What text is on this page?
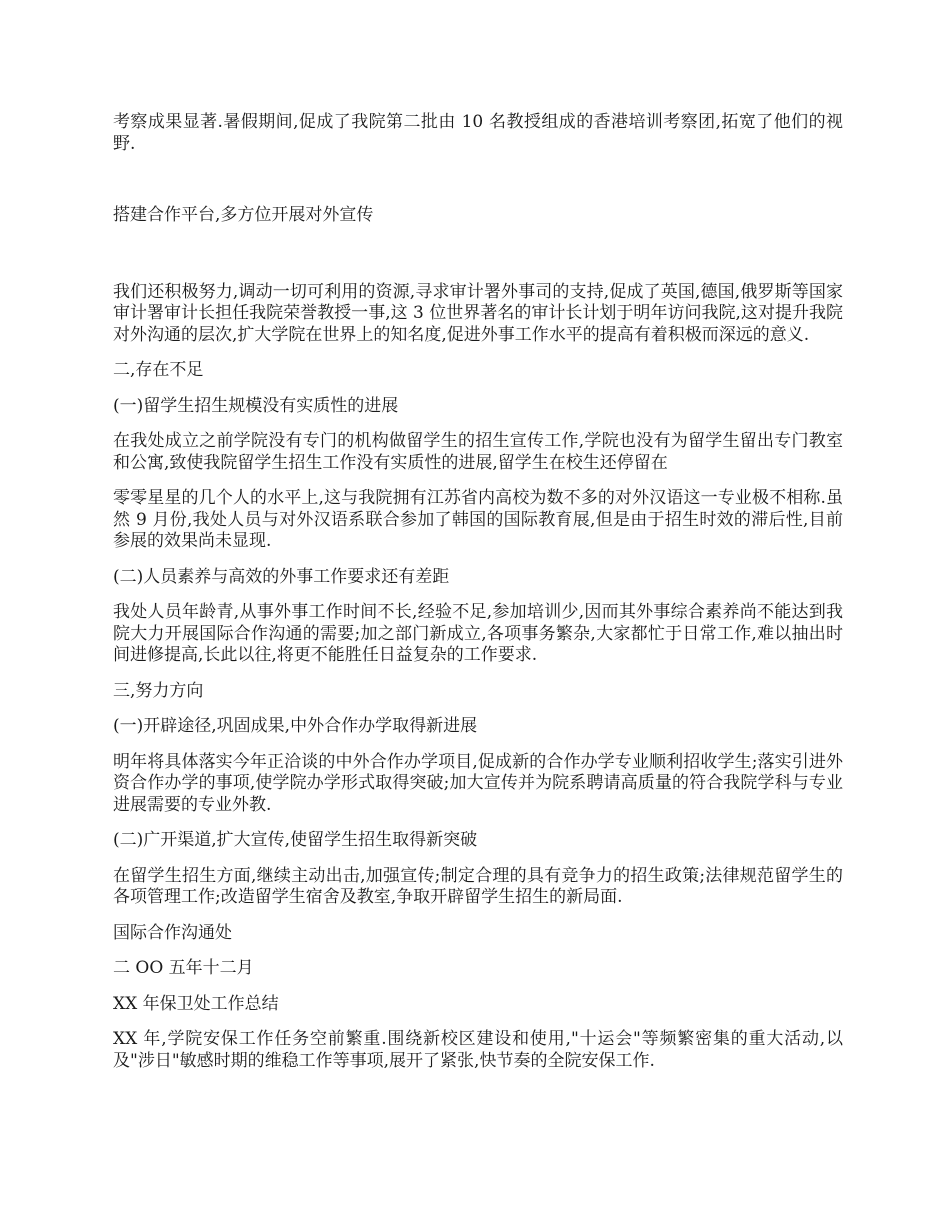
考察成果显著.暑假期间,促成了我院第二批由 10 名教授组成的香港培训考察团,拓宽了他们的视野.

搭建合作平台,多方位开展对外宣传

我们还积极努力,调动一切可利用的资源,寻求审计署外事司的支持,促成了英国,德国,俄罗斯等国家审计署审计长担任我院荣誉教授一事,这 3 位世界著名的审计长计划于明年访问我院,这对提升我院对外沟通的层次,扩大学院在世界上的知名度,促进外事工作水平的提高有着积极而深远的意义.

二,存在不足

(一)留学生招生规模没有实质性的进展

在我处成立之前学院没有专门的机构做留学生的招生宣传工作,学院也没有为留学生留出专门教室和公寓,致使我院留学生招生工作没有实质性的进展,留学生在校生还停留在

零零星星的几个人的水平上,这与我院拥有江苏省内高校为数不多的对外汉语这一专业极不相称.虽然 9 月份,我处人员与对外汉语系联合参加了韩国的国际教育展,但是由于招生时效的滞后性,目前参展的效果尚未显现.

(二)人员素养与高效的外事工作要求还有差距

我处人员年龄青,从事外事工作时间不长,经验不足,参加培训少,因而其外事综合素养尚不能达到我院大力开展国际合作沟通的需要;加之部门新成立,各项事务繁杂,大家都忙于日常工作,难以抽出时间进修提高,长此以往,将更不能胜任日益复杂的工作要求.

三,努力方向

(一)开辟途径,巩固成果,中外合作办学取得新进展

明年将具体落实今年正洽谈的中外合作办学项目,促成新的合作办学专业顺利招收学生;落实引进外资合作办学的事项,使学院办学形式取得突破;加大宣传并为院系聘请高质量的符合我院学科与专业进展需要的专业外教.

(二)广开渠道,扩大宣传,使留学生招生取得新突破

在留学生招生方面,继续主动出击,加强宣传;制定合理的具有竞争力的招生政策;法律规范留学生的各项管理工作;改造留学生宿舍及教室,争取开辟留学生招生的新局面.

国际合作沟通处

二 OO 五年十二月

XX 年保卫处工作总结

XX 年,学院安保工作任务空前繁重.围绕新校区建设和使用,"十运会"等频繁密集的重大活动,以及"涉日"敏感时期的维稳工作等事项,展开了紧张,快节奏的全院安保工作.
